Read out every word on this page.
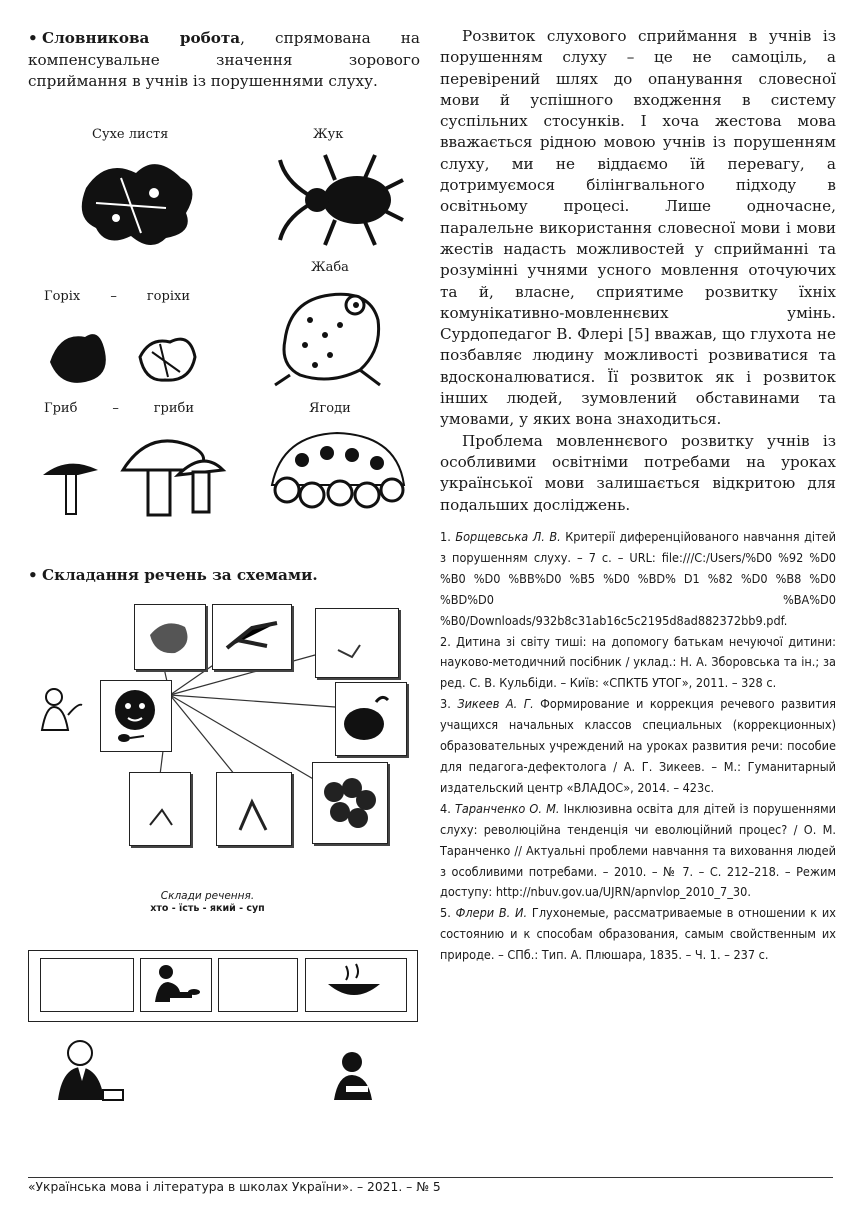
• Словникова робота, спрямована на компенсувальне значення зорового сприймання в учнів із порушеннями слуху.

Сухе листя	Жук
Жаба
Горіх – горіхи
Гриб	–	гриби	Ягоди

• Складання речень за схемами.

Склади речення.
хто - їсть - який - суп

Розвиток слухового сприймання в учнів із порушенням слуху – це не самоціль, а перевірений шлях до опанування словесної мови й успішного входження в систему суспільних стосунків. І хоча жестова мова вважається рідною мовою учнів із порушенням слуху, ми не віддаємо їй перевагу, а дотримуємося білінгвального підходу в освітньому процесі. Лише одночасне, паралельне використання словесної мови і мови жестів надасть можливостей у сприйманні та розумінні учнями усного мовлення оточуючих та й, власне, сприятиме розвитку їхніх комунікативно-мовленнєвих умінь. Сурдопедагог В. Флері [5] вважав, що глухота не позбавляє людину можливості розвиватися та вдосконалюватися. Її розвиток як і розвиток інших людей, зумовлений обставинами та умовами, у яких вона знаходиться.

Проблема мовленнєвого розвитку учнів із особливими освітніми потребами на уроках української мови залишається відкритою для подальших досліджень.

1. Борщевська Л. В. Критерії диференційованого навчання дітей з порушенням слуху. – 7 с. – URL: file:///C:/Users/%D0 %92 %D0 %B0 %D0 %BB%D0 %B5 %D0 %BD% D1 %82 %D0 %B8 %D0 %BD%D0 %BA%D0 %B0/Downloads/932b8c31ab16c5c2195d8ad882372bb9.pdf.

2. Дитина зі світу тиші: на допомогу батькам нечуючої дитини: науково-методичний посібник / уклад.: Н. А. Зборовська та ін.; за ред. С. В. Кульбіди. – Київ: «СПКТБ УТОГ», 2011. – 328 с.

3. Зикеев А. Г. Формирование и коррекция речевого развития учащихся начальных классов специальных (коррекционных) образовательных учреждений на уроках развития речи: пособие для педагога-дефектолога / А. Г. Зикеев. – М.: Гуманитарный издательский центр «ВЛАДОС», 2014. – 423с.

4. Таранченко О. М. Інклюзивна освіта для дітей із порушеннями слуху: революційна тенденція чи еволюційний процес? / О. М. Таранченко // Актуальні проблеми навчання та виховання людей з особливими потребами. – 2010. – № 7. – С. 212–218. – Режим доступу: http://nbuv.gov.ua/UJRN/apnvlop_2010_7_30.

5. Флери В. И. Глухонемые, рассматриваемые в отношении к их состоянию и к способам образования, самым свойственным их природе. – СПб.: Тип. А. Плюшара, 1835. – Ч. 1. – 237 с.

«Українська мова і література в школах України». – 2021. – № 5
